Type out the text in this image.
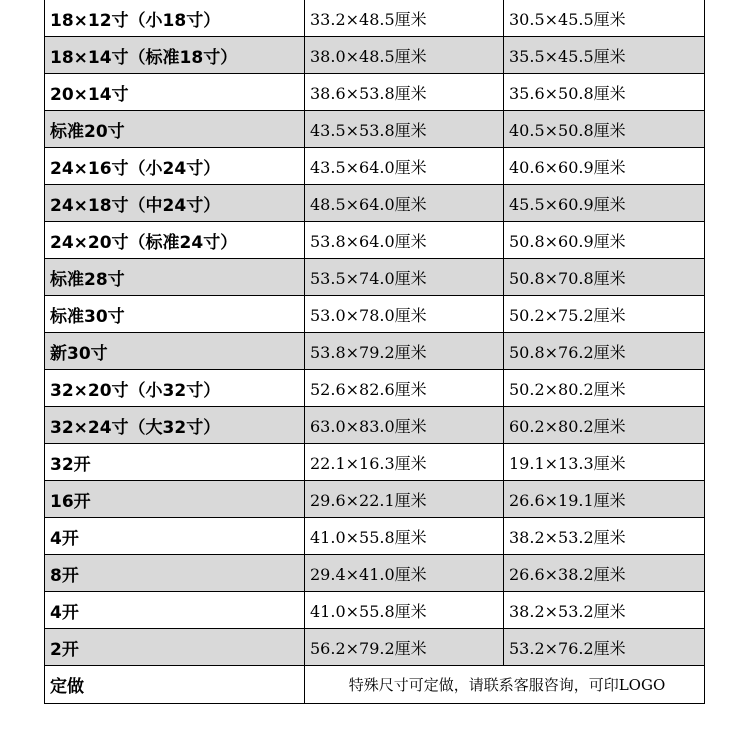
18×12寸（小18寸）	33.2×48.5厘米	30.5×45.5厘米
18×14寸（标准18寸）	38.0×48.5厘米	35.5×45.5厘米
20×14寸	38.6×53.8厘米	35.6×50.8厘米
标准20寸	43.5×53.8厘米	40.5×50.8厘米
24×16寸（小24寸）	43.5×64.0厘米	40.6×60.9厘米
24×18寸（中24寸）	48.5×64.0厘米	45.5×60.9厘米
24×20寸（标准24寸）	53.8×64.0厘米	50.8×60.9厘米
标准28寸	53.5×74.0厘米	50.8×70.8厘米
标准30寸	53.0×78.0厘米	50.2×75.2厘米
新30寸	53.8×79.2厘米	50.8×76.2厘米
32×20寸（小32寸）	52.6×82.6厘米	50.2×80.2厘米
32×24寸（大32寸）	63.0×83.0厘米	60.2×80.2厘米
32开	22.1×16.3厘米	19.1×13.3厘米
16开	29.6×22.1厘米	26.6×19.1厘米
4开	41.0×55.8厘米	38.2×53.2厘米
8开	29.4×41.0厘米	26.6×38.2厘米
4开	41.0×55.8厘米	38.2×53.2厘米
2开	56.2×79.2厘米	53.2×76.2厘米
定做	特殊尺寸可定做，请联系客服咨询，可印LOGO	
